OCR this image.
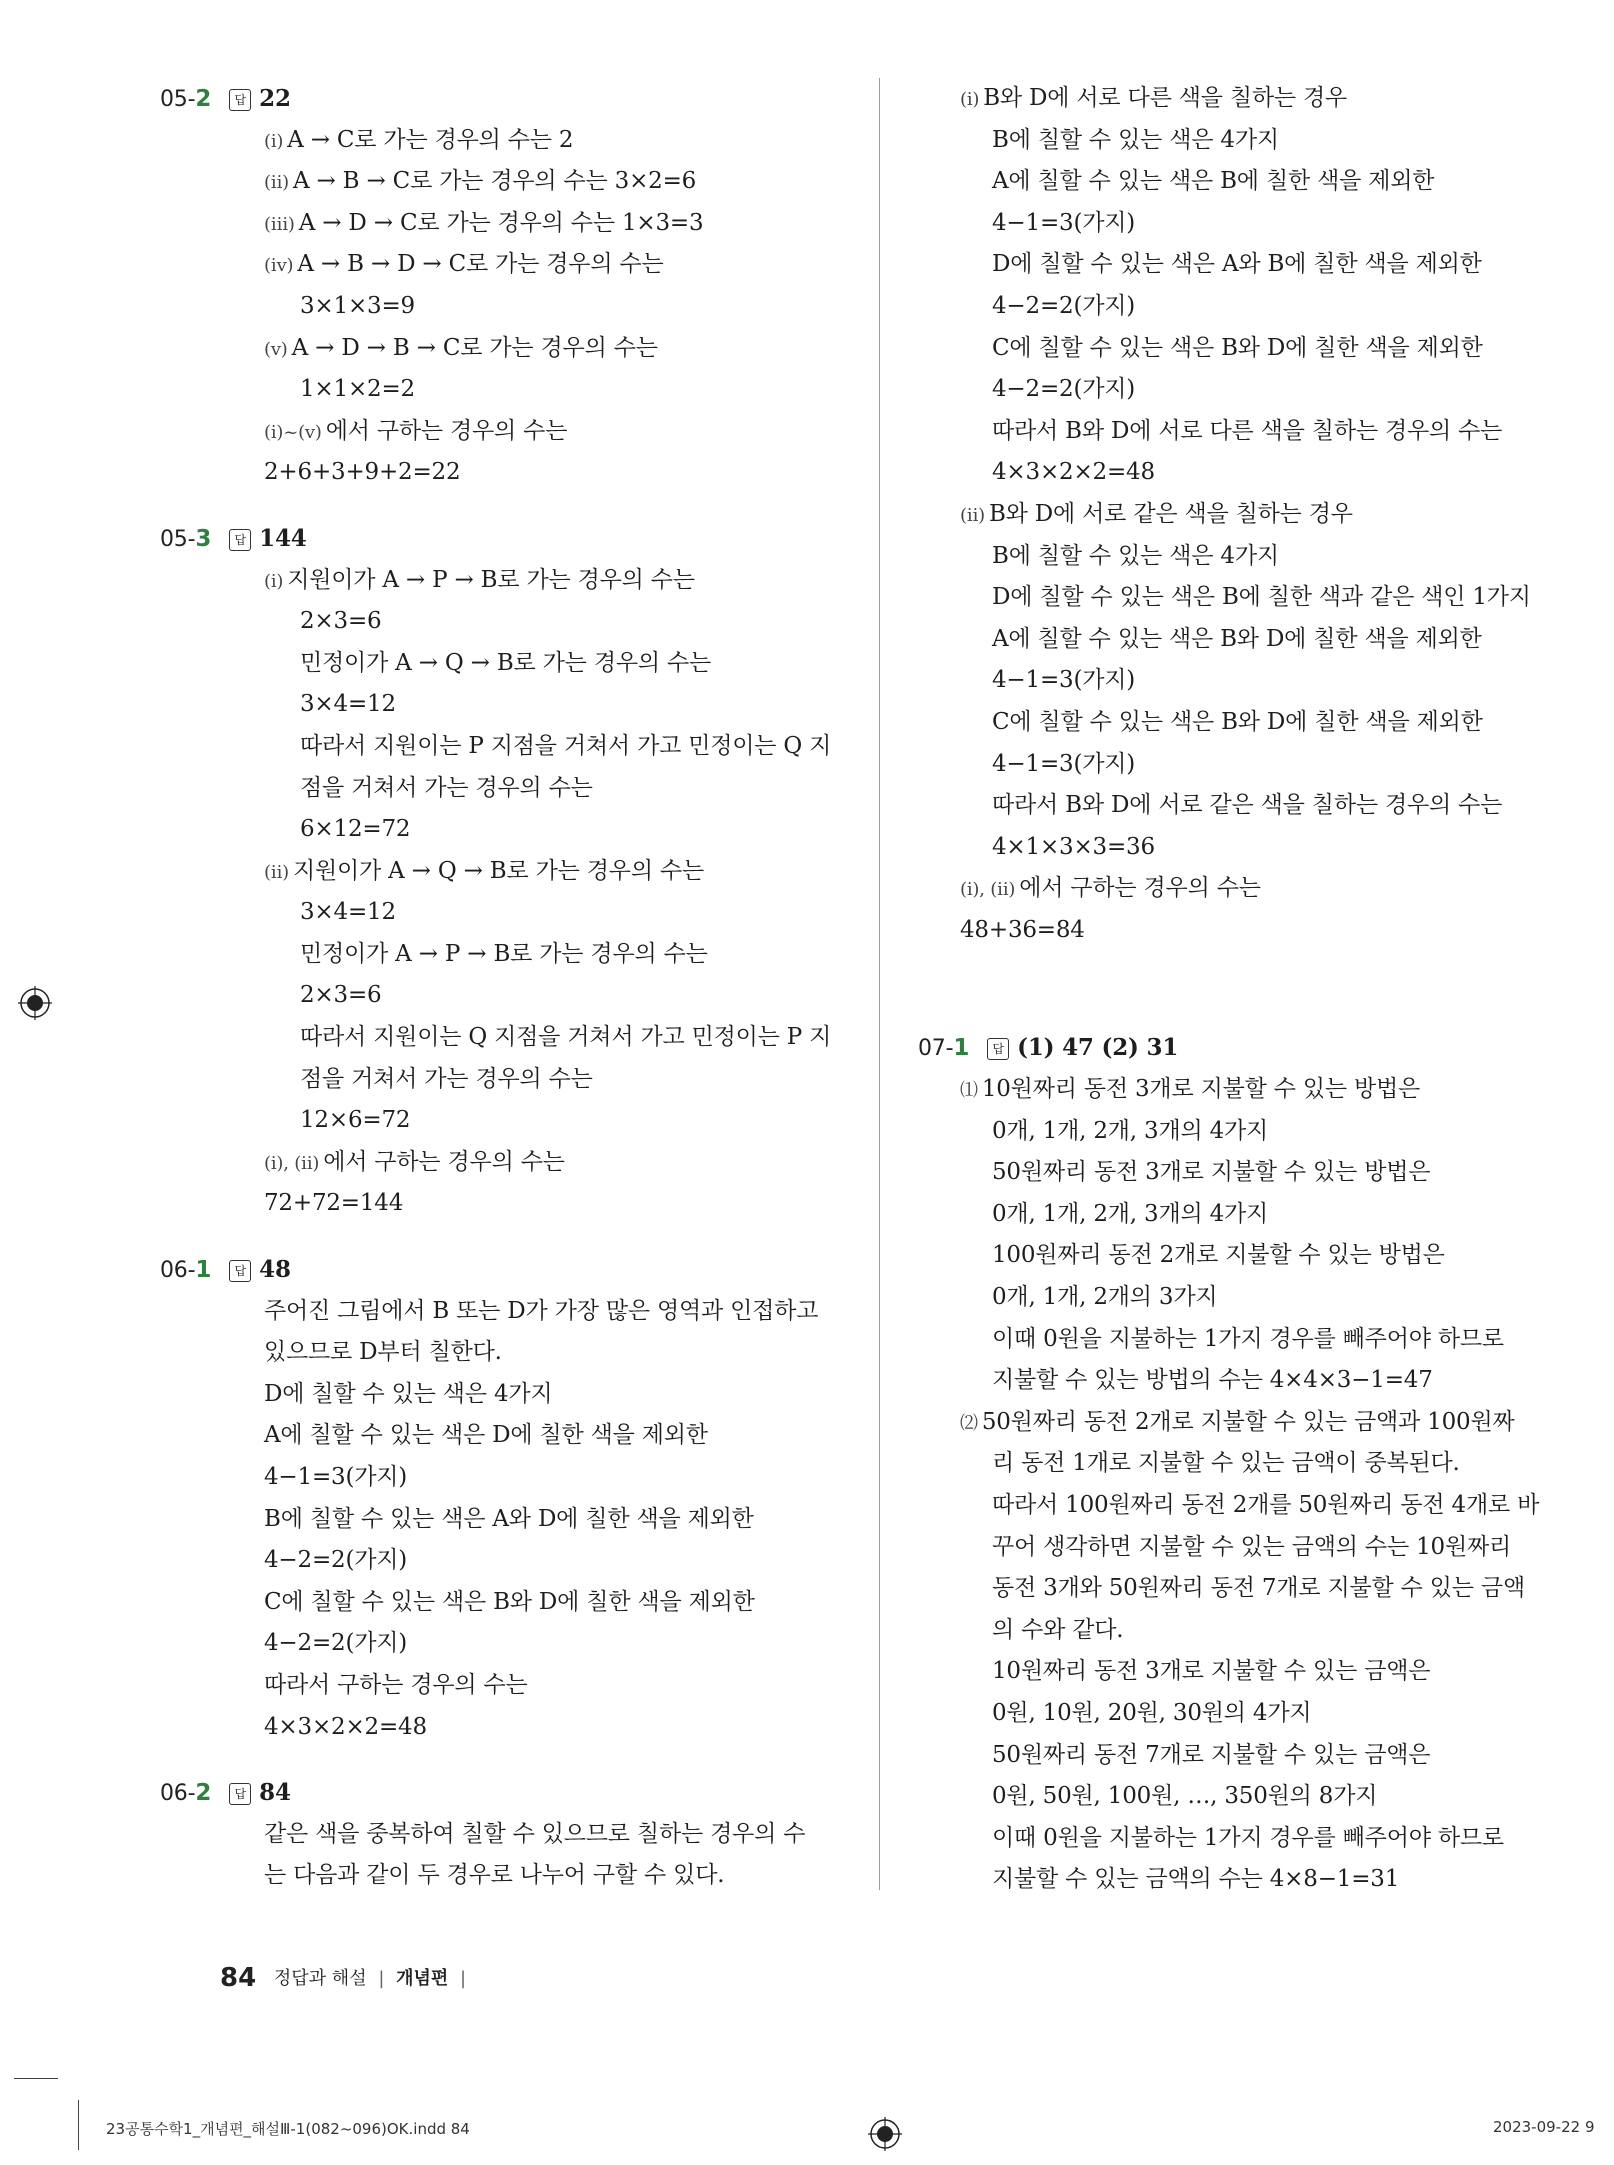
05-2 답 22
(ⅰ) A → C로 가는 경우의 수는 2
(ⅱ) A → B → C로 가는 경우의 수는 3×2=6
(ⅲ) A → D → C로 가는 경우의 수는 1×3=3
(ⅳ) A → B → D → C로 가는 경우의 수는
3×1×3=9
(ⅴ) A → D → B → C로 가는 경우의 수는
1×1×2=2
(ⅰ)~(ⅴ) 에서 구하는 경우의 수는
2+6+3+9+2=22
05-3 답 144
(ⅰ) 지원이가 A → P → B로 가는 경우의 수는
2×3=6
민정이가 A → Q → B로 가는 경우의 수는
3×4=12
따라서 지원이는 P 지점을 거쳐서 가고 민정이는 Q 지
점을 거쳐서 가는 경우의 수는
6×12=72
(ⅱ) 지원이가 A → Q → B로 가는 경우의 수는
3×4=12
민정이가 A → P → B로 가는 경우의 수는
2×3=6
따라서 지원이는 Q 지점을 거쳐서 가고 민정이는 P 지
점을 거쳐서 가는 경우의 수는
12×6=72
(ⅰ), (ⅱ) 에서 구하는 경우의 수는
72+72=144
06-1 답 48
주어진 그림에서 B 또는 D가 가장 많은 영역과 인접하고
있으므로 D부터 칠한다.
D에 칠할 수 있는 색은 4가지
A에 칠할 수 있는 색은 D에 칠한 색을 제외한
4−1=3(가지)
B에 칠할 수 있는 색은 A와 D에 칠한 색을 제외한
4−2=2(가지)
C에 칠할 수 있는 색은 B와 D에 칠한 색을 제외한
4−2=2(가지)
따라서 구하는 경우의 수는
4×3×2×2=48
06-2 답 84
같은 색을 중복하여 칠할 수 있으므로 칠하는 경우의 수
는 다음과 같이 두 경우로 나누어 구할 수 있다.
(ⅰ) B와 D에 서로 다른 색을 칠하는 경우
B에 칠할 수 있는 색은 4가지
A에 칠할 수 있는 색은 B에 칠한 색을 제외한
4−1=3(가지)
D에 칠할 수 있는 색은 A와 B에 칠한 색을 제외한
4−2=2(가지)
C에 칠할 수 있는 색은 B와 D에 칠한 색을 제외한
4−2=2(가지)
따라서 B와 D에 서로 다른 색을 칠하는 경우의 수는
4×3×2×2=48
(ⅱ) B와 D에 서로 같은 색을 칠하는 경우
B에 칠할 수 있는 색은 4가지
D에 칠할 수 있는 색은 B에 칠한 색과 같은 색인 1가지
A에 칠할 수 있는 색은 B와 D에 칠한 색을 제외한
4−1=3(가지)
C에 칠할 수 있는 색은 B와 D에 칠한 색을 제외한
4−1=3(가지)
따라서 B와 D에 서로 같은 색을 칠하는 경우의 수는
4×1×3×3=36
(ⅰ), (ⅱ) 에서 구하는 경우의 수는
48+36=84
07-1 답 (1) 47 (2) 31
⑴ 10원짜리 동전 3개로 지불할 수 있는 방법은
0개, 1개, 2개, 3개의 4가지
50원짜리 동전 3개로 지불할 수 있는 방법은
0개, 1개, 2개, 3개의 4가지
100원짜리 동전 2개로 지불할 수 있는 방법은
0개, 1개, 2개의 3가지
이때 0원을 지불하는 1가지 경우를 빼주어야 하므로
지불할 수 있는 방법의 수는 4×4×3−1=47
⑵ 50원짜리 동전 2개로 지불할 수 있는 금액과 100원짜
리 동전 1개로 지불할 수 있는 금액이 중복된다.
따라서 100원짜리 동전 2개를 50원짜리 동전 4개로 바
꾸어 생각하면 지불할 수 있는 금액의 수는 10원짜리
동전 3개와 50원짜리 동전 7개로 지불할 수 있는 금액
의 수와 같다.
10원짜리 동전 3개로 지불할 수 있는 금액은
0원, 10원, 20원, 30원의 4가지
50원짜리 동전 7개로 지불할 수 있는 금액은
0원, 50원, 100원, …, 350원의 8가지
이때 0원을 지불하는 1가지 경우를 빼주어야 하므로
지불할 수 있는 금액의 수는 4×8−1=31
84 정답과 해설 | 개념편 |
23공통수학1_개념편_해설Ⅲ-1(082~096)OK.indd 84	2023-09-22 9
